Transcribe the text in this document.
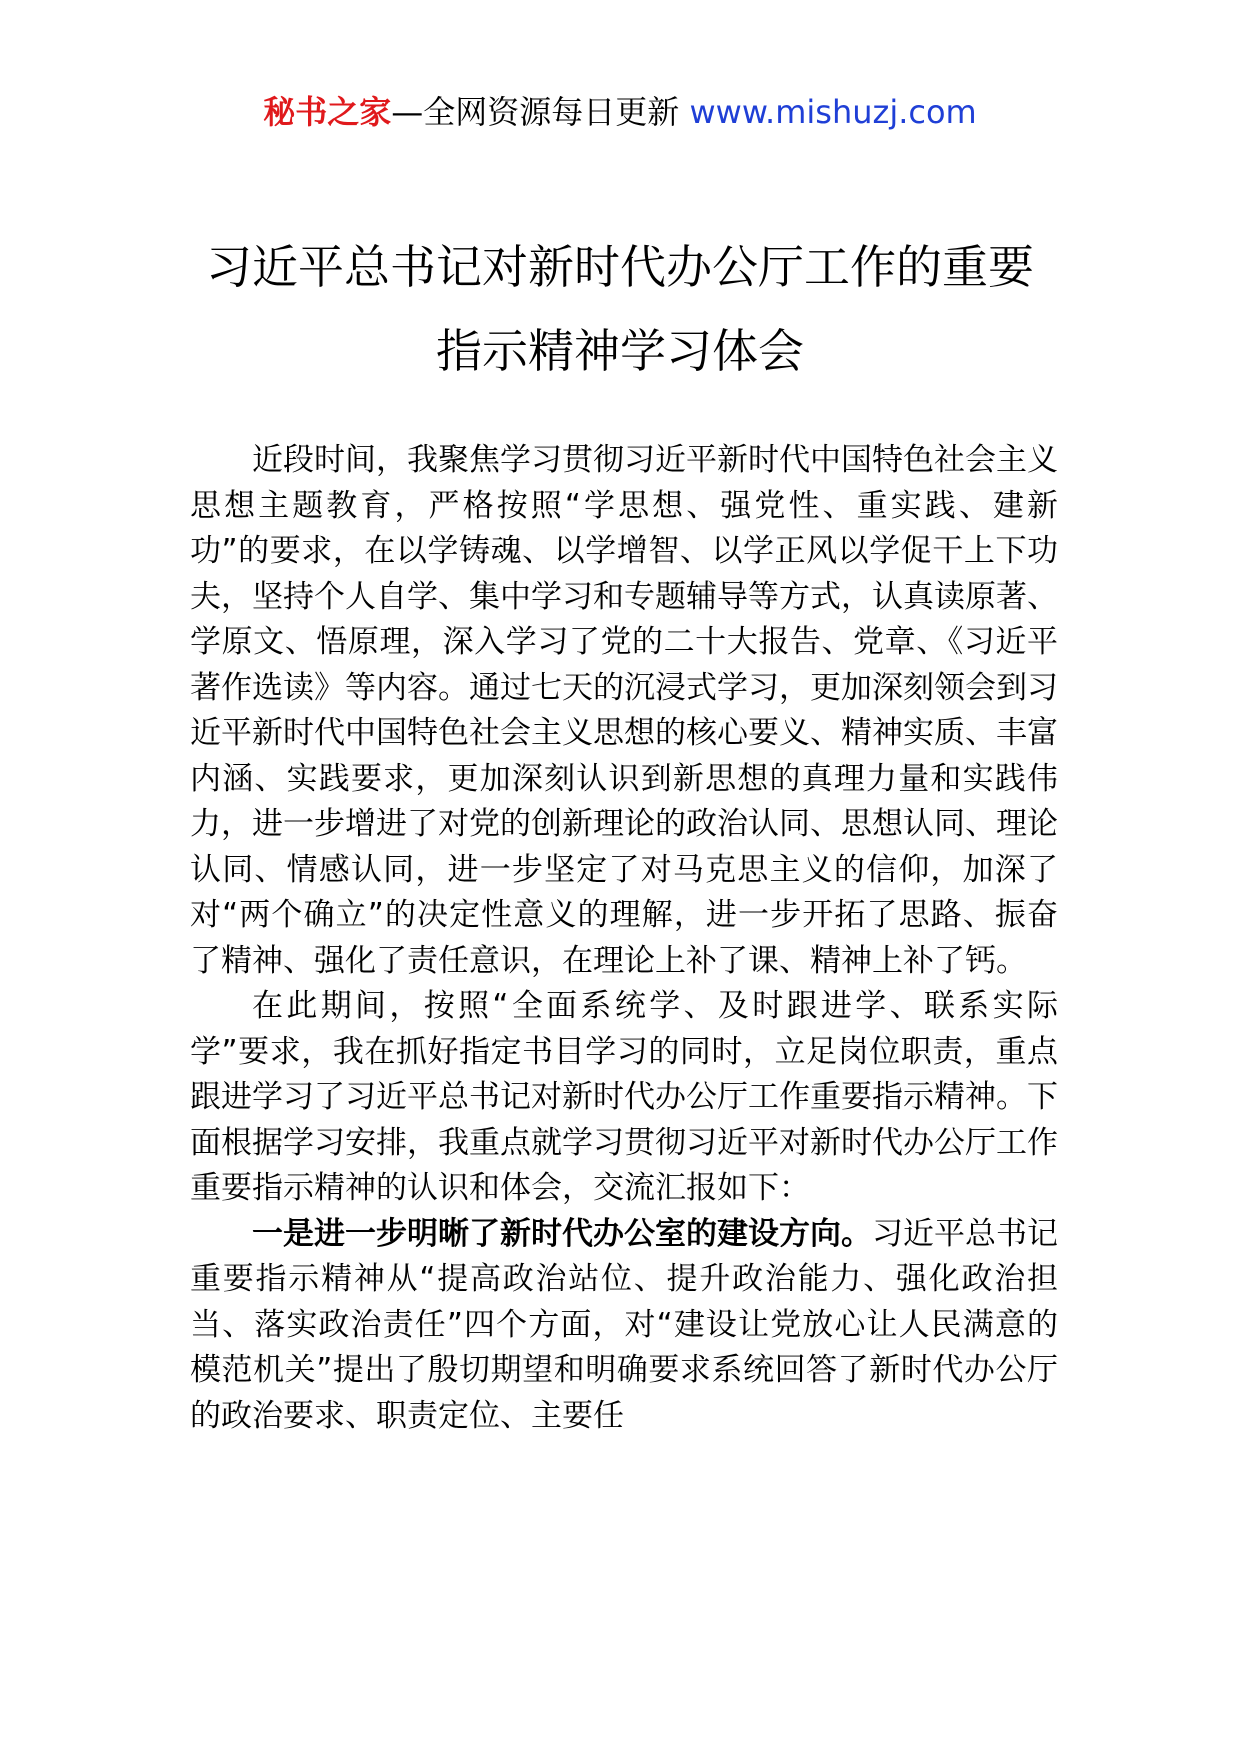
秘书之家—全网资源每日更新 www.mishuzj.com
习近平总书记对新时代办公厅工作的重要
指示精神学习体会

近段时间，我聚焦学习贯彻习近平新时代中国特色社会主义思想主题教育，严格按照“学思想、强党性、重实践、建新功”的要求，在以学铸魂、以学增智、以学正风以学促干上下功夫，坚持个人自学、集中学习和专题辅导等方式，认真读原著、学原文、悟原理，深入学习了党的二十大报告、党章、《习近平著作选读》等内容。通过七天的沉浸式学习，更加深刻领会到习近平新时代中国特色社会主义思想的核心要义、精神实质、丰富内涵、实践要求，更加深刻认识到新思想的真理力量和实践伟力，进一步增进了对党的创新理论的政治认同、思想认同、理论认同、情感认同，进一步坚定了对马克思主义的信仰，加深了对“两个确立”的决定性意义的理解，进一步开拓了思路、振奋了精神、强化了责任意识，在理论上补了课、精神上补了钙。

在此期间，按照“全面系统学、及时跟进学、联系实际学”要求，我在抓好指定书目学习的同时，立足岗位职责，重点跟进学习了习近平总书记对新时代办公厅工作重要指示精神。下面根据学习安排，我重点就学习贯彻习近平对新时代办公厅工作重要指示精神的认识和体会，交流汇报如下：

一是进一步明晰了新时代办公室的建设方向。习近平总书记重要指示精神从“提高政治站位、提升政治能力、强化政治担当、落实政治责任”四个方面，对“建设让党放心让人民满意的模范机关”提出了殷切期望和明确要求系统回答了新时代办公厅的政治要求、职责定位、主要任
